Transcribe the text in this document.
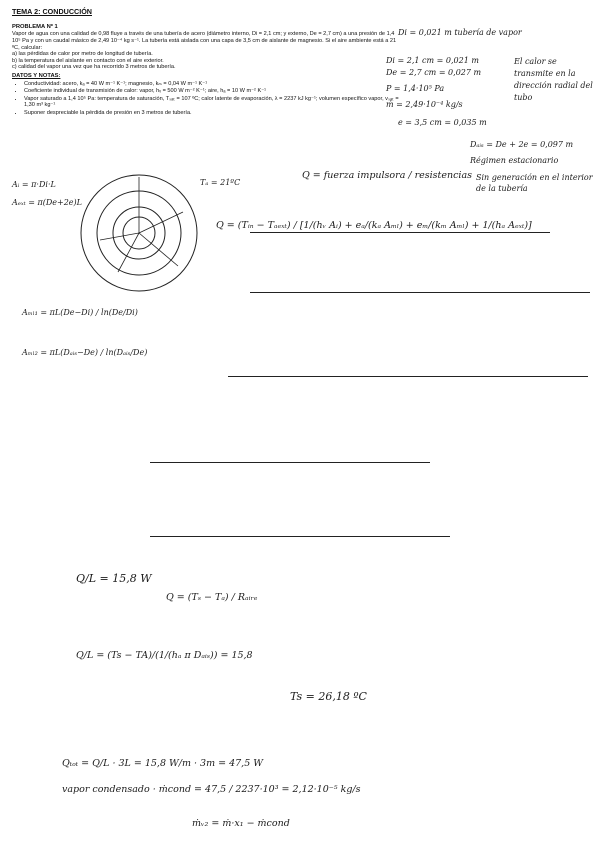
TEMA 2: CONDUCCIÓN
PROBLEMA Nº 1
Vapor de agua con una calidad de 0,98 fluye a través de una tubería de acero (diámetro interno, Di = 2,1 cm; y externo, De = 2,7 cm) a una presión de 1,4 10⁵ Pa y con un caudal másico de 2,49 10⁻⁴ kg s⁻¹. La tubería está aislada con una capa de 3,5 cm de aislante de magnesio. Si el aire ambiente está a 21 ºC, calcular:
a) las pérdidas de calor por metro de longitud de tubería.
b) la temperatura del aislante en contacto con el aire exterior.
c) calidad del vapor una vez que ha recorrido 3 metros de tubería.
DATOS Y NOTAS:
• Conductividad: acero, kₐ = 40 W m⁻¹ K⁻¹; magnesio, kₘ = 0,04 W m⁻¹ K⁻¹
• Coeficiente individual de transmisión de calor: vapor, hᵥ = 500 W m⁻² K⁻¹; aire, hₐ = 10 W m⁻² K⁻¹
• Vapor saturado a 1,4 10⁵ Pa: temperatura de saturación, Tₛₐₜ = 107 ºC; calor latente de evaporación, λ = 2237 kJ kg⁻¹; volumen específico vapor, vₛₐₜ = 1,30 m³ kg⁻¹
• Suponer despreciable la pérdida de presión en 3 metros de tubería.
Di = 0,021 m tubería de vapor
Di = 2,1 cm = 0,021 m
De = 2,7 cm = 0,027 m
P = 1,4·10⁵ Pa
ṁ = 2,49·10⁻⁴ kg/s
e = 3,5 cm = 0,035 m
El calor se transmite en la dirección radial del tubo
Dₐᵢₛ = De + 2e = 0,097 m
Régimen estacionario
Sin generación en el interior de la tubería
Aᵢ = π·Di·L
Aₑₓₜ = π(De+2e)L
Tₐ = 21ºC
Q = fuerza impulsora / resistencias
Q = (Tᵢₙ − Tₐₑₓₜ) / [1/(hᵥ Aᵢ) + eₐ/(kₐ Aₘₗ) + eₘ/(kₘ Aₘₗ) + 1/(hₐ Aₑₓₜ)]
Aₘₗ₁ = πL(De−Di) / ln(De/Di)
Aₘₗ₂ = πL(Dₐᵢₛ−De) / ln(Dₐᵢₛ/De)
Q/L = 15,8 W
Q = (Tₛ − Tₐ) / Rₐᵢᵣₑ
Q/L = (Ts − TA)/(1/(hₐ π Dₐᵢₛ)) = 15,8
Ts = 26,18 ºC
Qₜₒₜ = Q/L · 3L = 15,8 W/m · 3m = 47,5 W
vapor condensado · ṁcond = 47,5 / 2237·10³ = 2,12·10⁻⁵ kg/s
ṁᵥ₂ = ṁ·x₁ − ṁcond
